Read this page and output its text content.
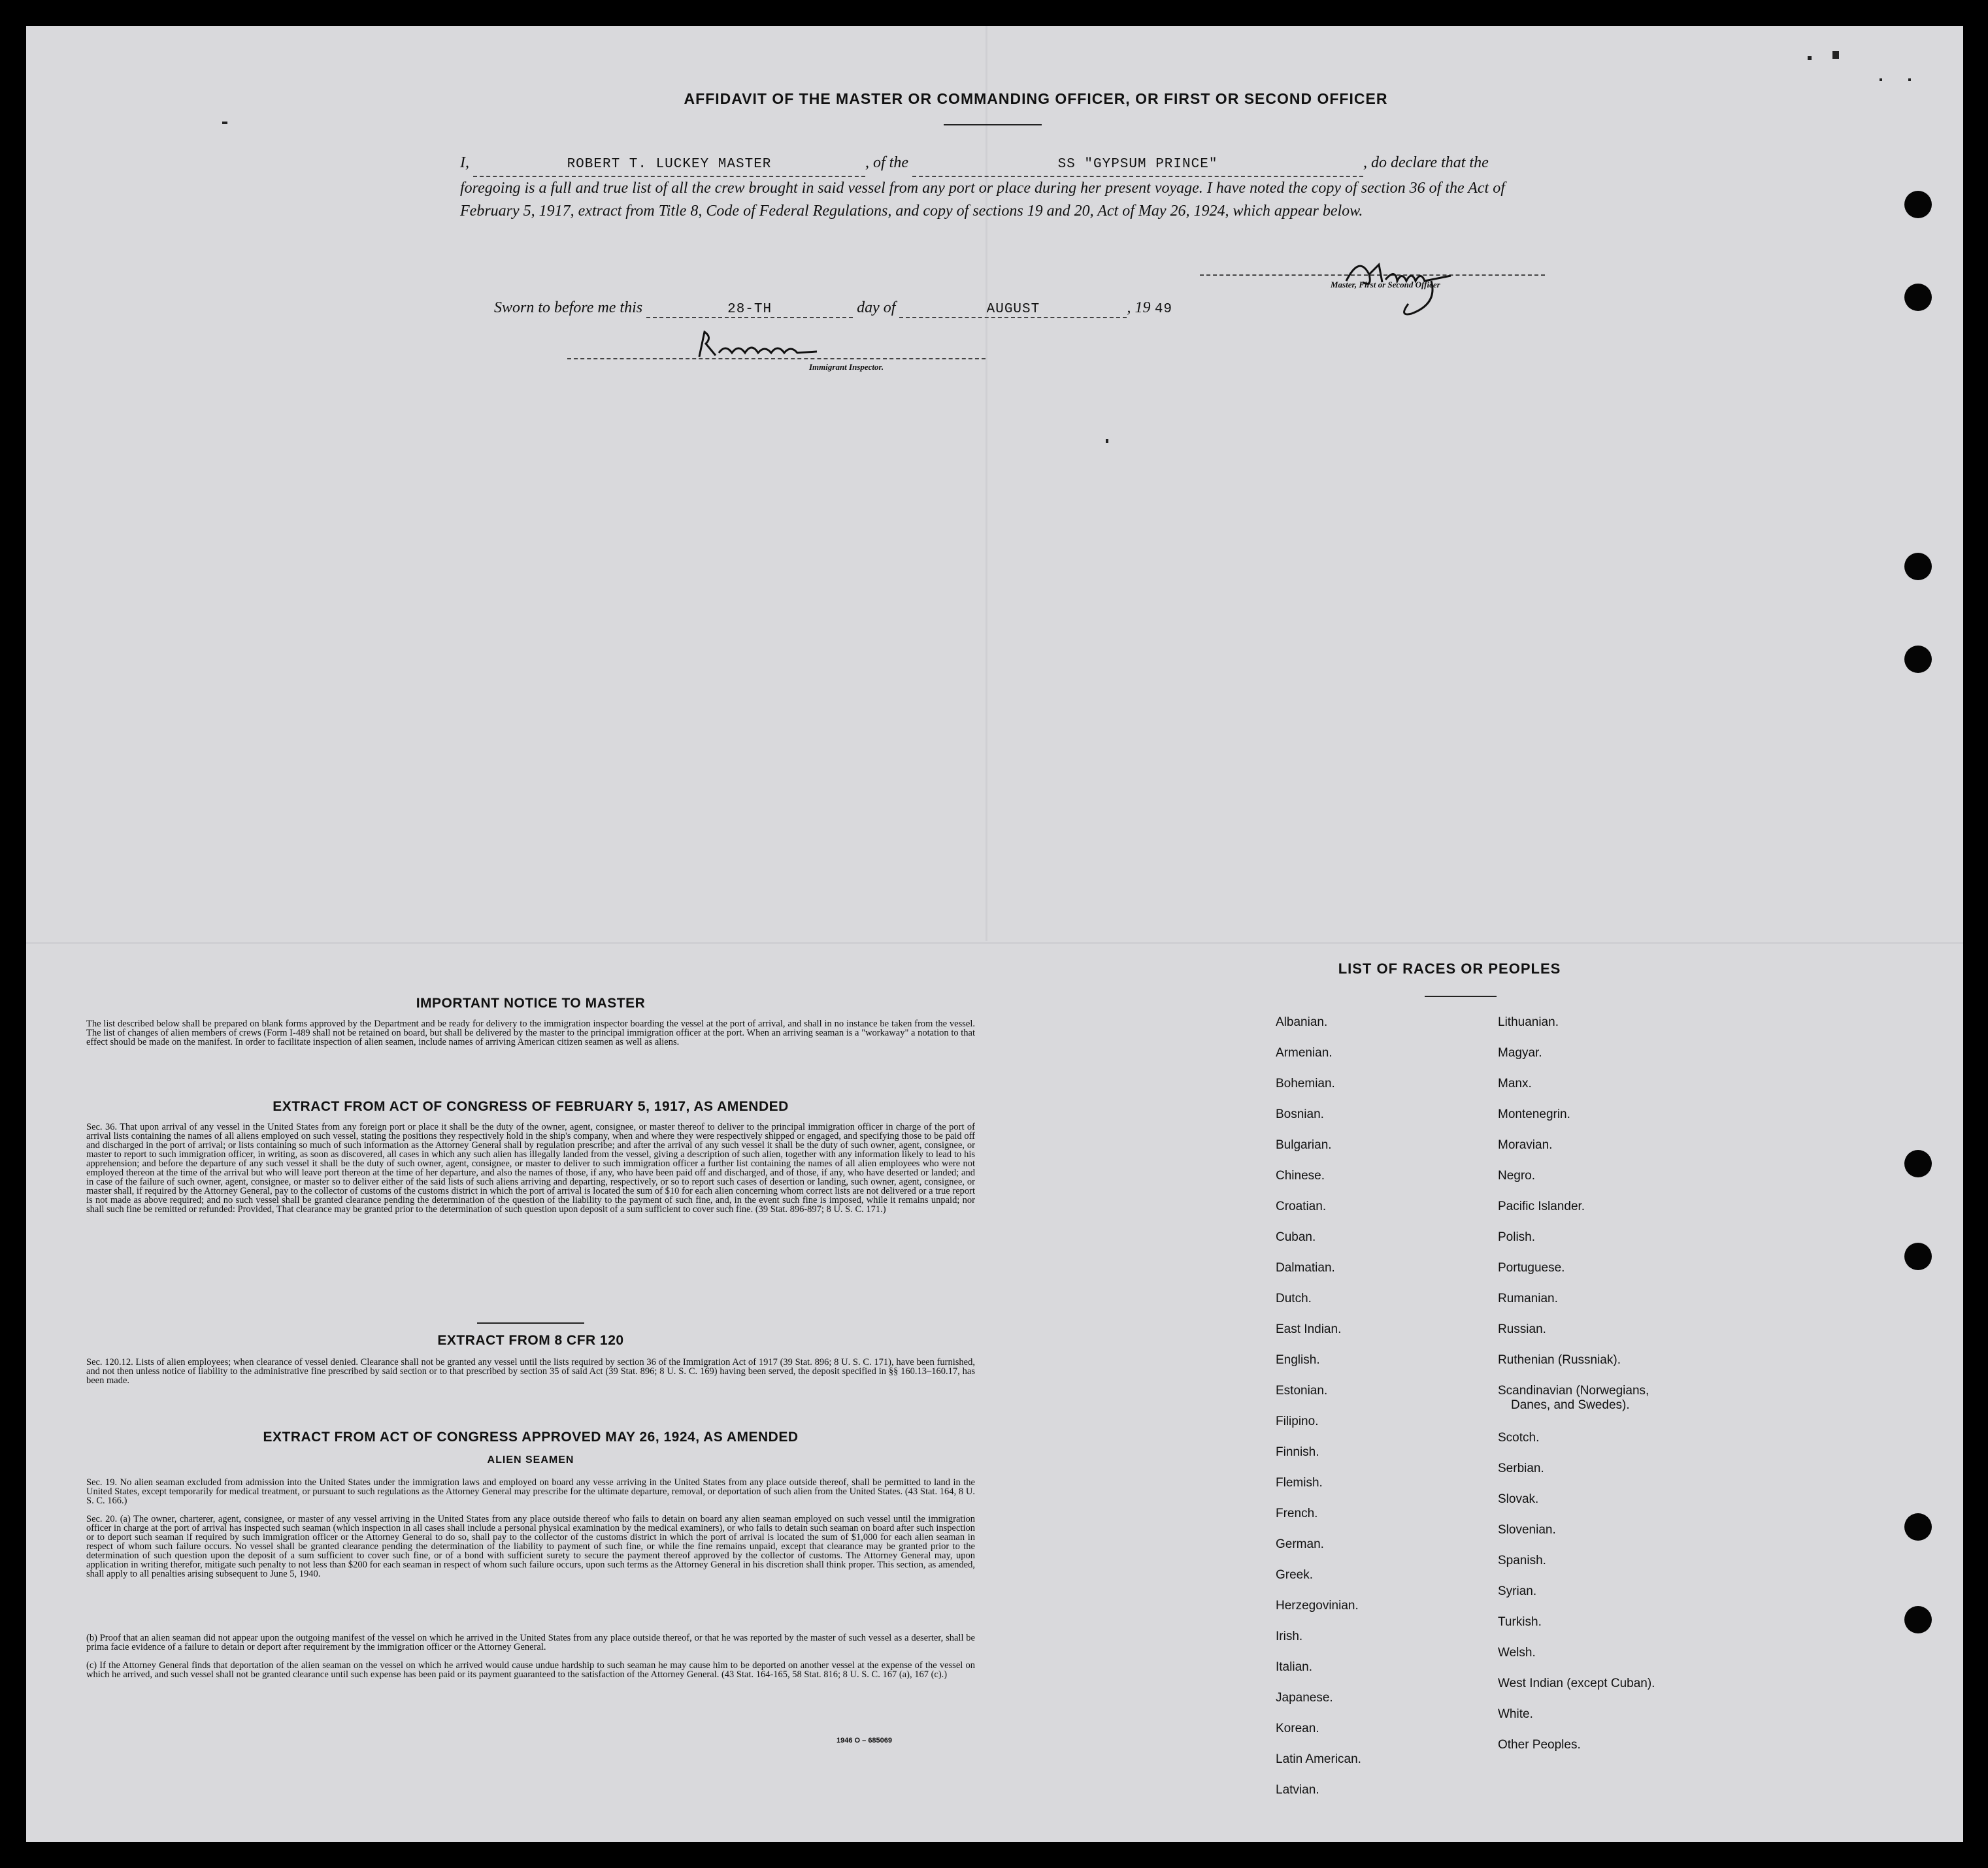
AFFIDAVIT OF THE MASTER OR COMMANDING OFFICER, OR FIRST OR SECOND OFFICER
I,	ROBERT T. LUCKEY MASTER	, of the	SS "GYPSUM PRINCE"	, do declare that the foregoing is a full and true list of all the crew brought in said vessel from any port or place during her present voyage. I have noted the copy of section 36 of the Act of February 5, 1917, extract from Title 8, Code of Federal Regulations, and copy of sections 19 and 20, Act of May 26, 1924, which appear below.
Master, First or Second Officer
Sworn to before me this	28-TH	day of	AUGUST	, 19 49
Immigrant Inspector.
IMPORTANT NOTICE TO MASTER
The list described below shall be prepared on blank forms approved by the Department and be ready for delivery to the immigration inspector boarding the vessel at the port of arrival, and shall in no instance be taken from the vessel. The list of changes of alien members of crews (Form I-489 shall not be retained on board, but shall be delivered by the master to the principal immigration officer at the port. When an arriving seaman is a "workaway" a notation to that effect should be made on the manifest. In order to facilitate inspection of alien seamen, include names of arriving American citizen seamen as well as aliens.
EXTRACT FROM ACT OF CONGRESS OF FEBRUARY 5, 1917, AS AMENDED
Sec. 36. That upon arrival of any vessel in the United States from any foreign port or place it shall be the duty of the owner, agent, consignee, or master thereof to deliver to the principal immigration officer in charge of the port of arrival lists containing the names of all aliens employed on such vessel, stating the positions they respectively hold in the ship's company, when and where they were respectively shipped or engaged, and specifying those to be paid off and discharged in the port of arrival; or lists containing so much of such information as the Attorney General shall by regulation prescribe; and after the arrival of any such vessel it shall be the duty of such owner, agent, consignee, or master to report to such immigration officer, in writing, as soon as discovered, all cases in which any such alien has illegally landed from the vessel, giving a description of such alien, together with any information likely to lead to his apprehension; and before the departure of any such vessel it shall be the duty of such owner, agent, consignee, or master to deliver to such immigration officer a further list containing the names of all alien employees who were not employed thereon at the time of the arrival but who will leave port thereon at the time of her departure, and also the names of those, if any, who have been paid off and discharged, and of those, if any, who have deserted or landed; and in case of the failure of such owner, agent, consignee, or master so to deliver either of the said lists of such aliens arriving and departing, respectively, or so to report such cases of desertion or landing, such owner, agent, consignee, or master shall, if required by the Attorney General, pay to the collector of customs of the customs district in which the port of arrival is located the sum of $10 for each alien concerning whom correct lists are not delivered or a true report is not made as above required; and no such vessel shall be granted clearance pending the determination of the question of the liability to the payment of such fine, and, in the event such fine is imposed, while it remains unpaid; nor shall such fine be remitted or refunded: Provided, That clearance may be granted prior to the determination of such question upon deposit of a sum sufficient to cover such fine. (39 Stat. 896-897; 8 U. S. C. 171.)
EXTRACT FROM 8 CFR 120
Sec. 120.12. Lists of alien employees; when clearance of vessel denied. Clearance shall not be granted any vessel until the lists required by section 36 of the Immigration Act of 1917 (39 Stat. 896; 8 U. S. C. 171), have been furnished, and not then unless notice of liability to the administrative fine prescribed by said section or to that prescribed by section 35 of said Act (39 Stat. 896; 8 U. S. C. 169) having been served, the deposit specified in §§ 160.13–160.17, has been made.
EXTRACT FROM ACT OF CONGRESS APPROVED MAY 26, 1924, AS AMENDED
ALIEN SEAMEN
Sec. 19. No alien seaman excluded from admission into the United States under the immigration laws and employed on board any vesse arriving in the United States from any place outside thereof, shall be permitted to land in the United States, except temporarily for medical treatment, or pursuant to such regulations as the Attorney General may prescribe for the ultimate departure, removal, or deportation of such alien from the United States. (43 Stat. 164, 8 U. S. C. 166.)
Sec. 20. (a) The owner, charterer, agent, consignee, or master of any vessel arriving in the United States from any place outside thereof who fails to detain on board any alien seaman employed on such vessel until the immigration officer in charge at the port of arrival has inspected such seaman (which inspection in all cases shall include a personal physical examination by the medical examiners), or who fails to detain such seaman on board after such inspection or to deport such seaman if required by such immigration officer or the Attorney General to do so, shall pay to the collector of the customs district in which the port of arrival is located the sum of $1,000 for each alien seaman in respect of whom such failure occurs. No vessel shall be granted clearance pending the determination of the liability to payment of such fine, or while the fine remains unpaid, except that clearance may be granted prior to the determination of such question upon the deposit of a sum sufficient to cover such fine, or of a bond with sufficient surety to secure the payment thereof approved by the collector of customs. The Attorney General may, upon application in writing therefor, mitigate such penalty to not less than $200 for each seaman in respect of whom such failure occurs, upon such terms as the Attorney General in his discretion shall think proper. This section, as amended, shall apply to all penalties arising subsequent to June 5, 1940.
(b) Proof that an alien seaman did not appear upon the outgoing manifest of the vessel on which he arrived in the United States from any place outside thereof, or that he was reported by the master of such vessel as a deserter, shall be prima facie evidence of a failure to detain or deport after requirement by the immigration officer or the Attorney General.
(c) If the Attorney General finds that deportation of the alien seaman on the vessel on which he arrived would cause undue hardship to such seaman he may cause him to be deported on another vessel at the expense of the vessel on which he arrived, and such vessel shall not be granted clearance until such expense has been paid or its payment guaranteed to the satisfaction of the Attorney General. (43 Stat. 164-165, 58 Stat. 816; 8 U. S. C. 167 (a), 167 (c).)
1946 O – 685069
LIST OF RACES OR PEOPLES
Albanian.
Armenian.
Bohemian.
Bosnian.
Bulgarian.
Chinese.
Croatian.
Cuban.
Dalmatian.
Dutch.
East Indian.
English.
Estonian.
Filipino.
Finnish.
Flemish.
French.
German.
Greek.
Herzegovinian.
Irish.
Italian.
Japanese.
Korean.
Latin American.
Latvian.
Lithuanian.
Magyar.
Manx.
Montenegrin.
Moravian.
Negro.
Pacific Islander.
Polish.
Portuguese.
Rumanian.
Russian.
Ruthenian (Russniak).
Scandinavian (Norwegians,
Danes, and Swedes).
Scotch.
Serbian.
Slovak.
Slovenian.
Spanish.
Syrian.
Turkish.
Welsh.
West Indian (except Cuban).
White.
Other Peoples.
